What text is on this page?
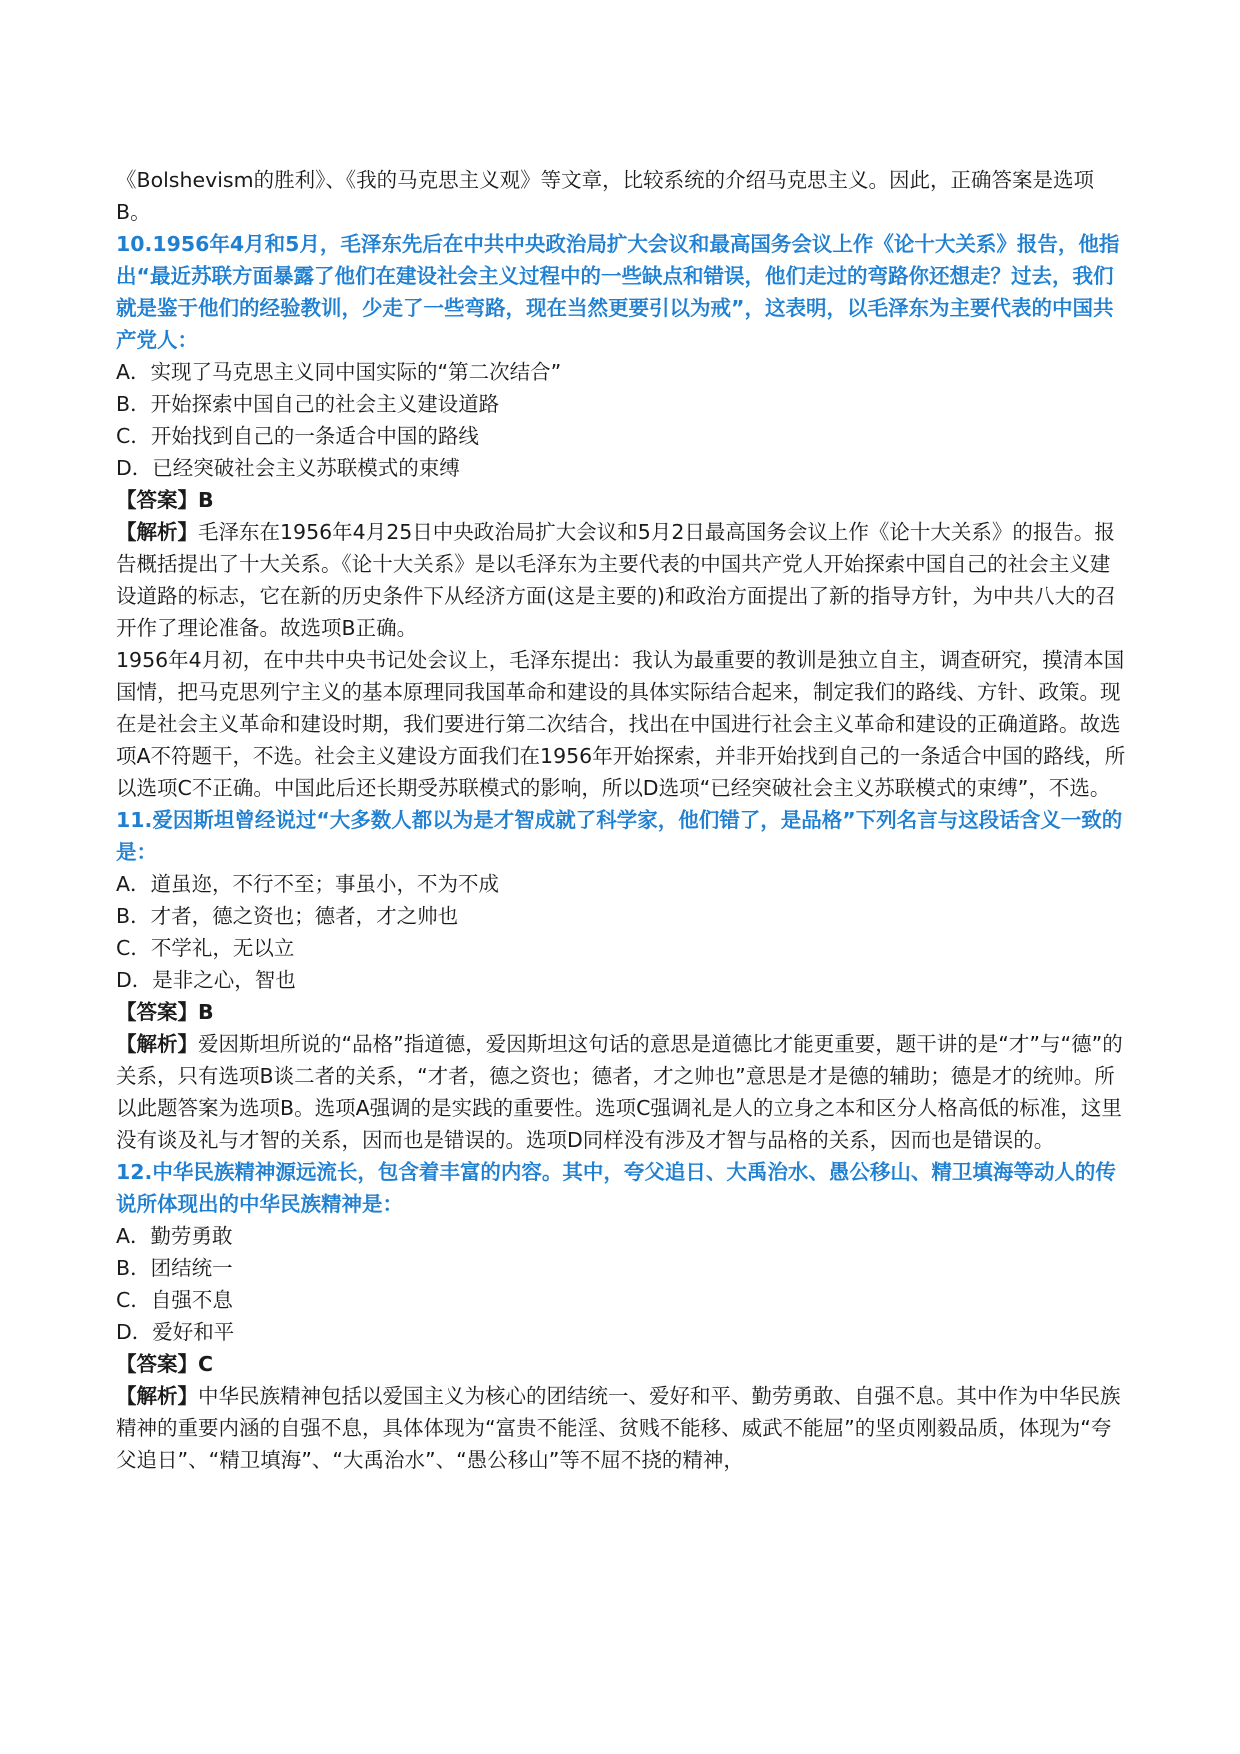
《Bolshevism的胜利》、《我的马克思主义观》等文章，比较系统的介绍马克思主义。因此，正确答案是选项B。

10.1956年4月和5月，毛泽东先后在中共中央政治局扩大会议和最高国务会议上作《论十大关系》报告，他指出“最近苏联方面暴露了他们在建设社会主义过程中的一些缺点和错误，他们走过的弯路你还想走？过去，我们就是鉴于他们的经验教训，少走了一些弯路，现在当然更要引以为戒”，这表明，以毛泽东为主要代表的中国共产党人：

A．实现了马克思主义同中国实际的“第二次结合”

B．开始探索中国自己的社会主义建设道路

C．开始找到自己的一条适合中国的路线

D．已经突破社会主义苏联模式的束缚

【答案】B

【解析】毛泽东在1956年4月25日中央政治局扩大会议和5月2日最高国务会议上作《论十大关系》的报告。报告概括提出了十大关系。《论十大关系》是以毛泽东为主要代表的中国共产党人开始探索中国自己的社会主义建设道路的标志，它在新的历史条件下从经济方面(这是主要的)和政治方面提出了新的指导方针，为中共八大的召开作了理论准备。故选项B正确。

1956年4月初，在中共中央书记处会议上，毛泽东提出：我认为最重要的教训是独立自主，调查研究，摸清本国国情，把马克思列宁主义的基本原理同我国革命和建设的具体实际结合起来，制定我们的路线、方针、政策。现在是社会主义革命和建设时期，我们要进行第二次结合，找出在中国进行社会主义革命和建设的正确道路。故选项A不符题干，不选。社会主义建设方面我们在1956年开始探索，并非开始找到自己的一条适合中国的路线，所以选项C不正确。中国此后还长期受苏联模式的影响，所以D选项“已经突破社会主义苏联模式的束缚”，不选。

11.爱因斯坦曾经说过“大多数人都以为是才智成就了科学家，他们错了，是品格”下列名言与这段话含义一致的是：

A．道虽迩，不行不至；事虽小，不为不成

B．才者，德之资也；德者，才之帅也

C．不学礼，无以立

D．是非之心，智也

【答案】B

【解析】爱因斯坦所说的“品格”指道德，爱因斯坦这句话的意思是道德比才能更重要，题干讲的是“才”与“德”的关系，只有选项B谈二者的关系，“才者，德之资也；德者，才之帅也”意思是才是德的辅助；德是才的统帅。所以此题答案为选项B。选项A强调的是实践的重要性。选项C强调礼是人的立身之本和区分人格高低的标准，这里没有谈及礼与才智的关系，因而也是错误的。选项D同样没有涉及才智与品格的关系，因而也是错误的。

12.中华民族精神源远流长，包含着丰富的内容。其中，夸父追日、大禹治水、愚公移山、精卫填海等动人的传说所体现出的中华民族精神是：

A．勤劳勇敢

B．团结统一

C．自强不息

D．爱好和平

【答案】C

【解析】中华民族精神包括以爱国主义为核心的团结统一、爱好和平、勤劳勇敢、自强不息。其中作为中华民族精神的重要内涵的自强不息，具体体现为“富贵不能淫、贫贱不能移、威武不能屈”的坚贞刚毅品质，体现为“夸父追日”、“精卫填海”、“大禹治水”、“愚公移山”等不屈不挠的精神，
